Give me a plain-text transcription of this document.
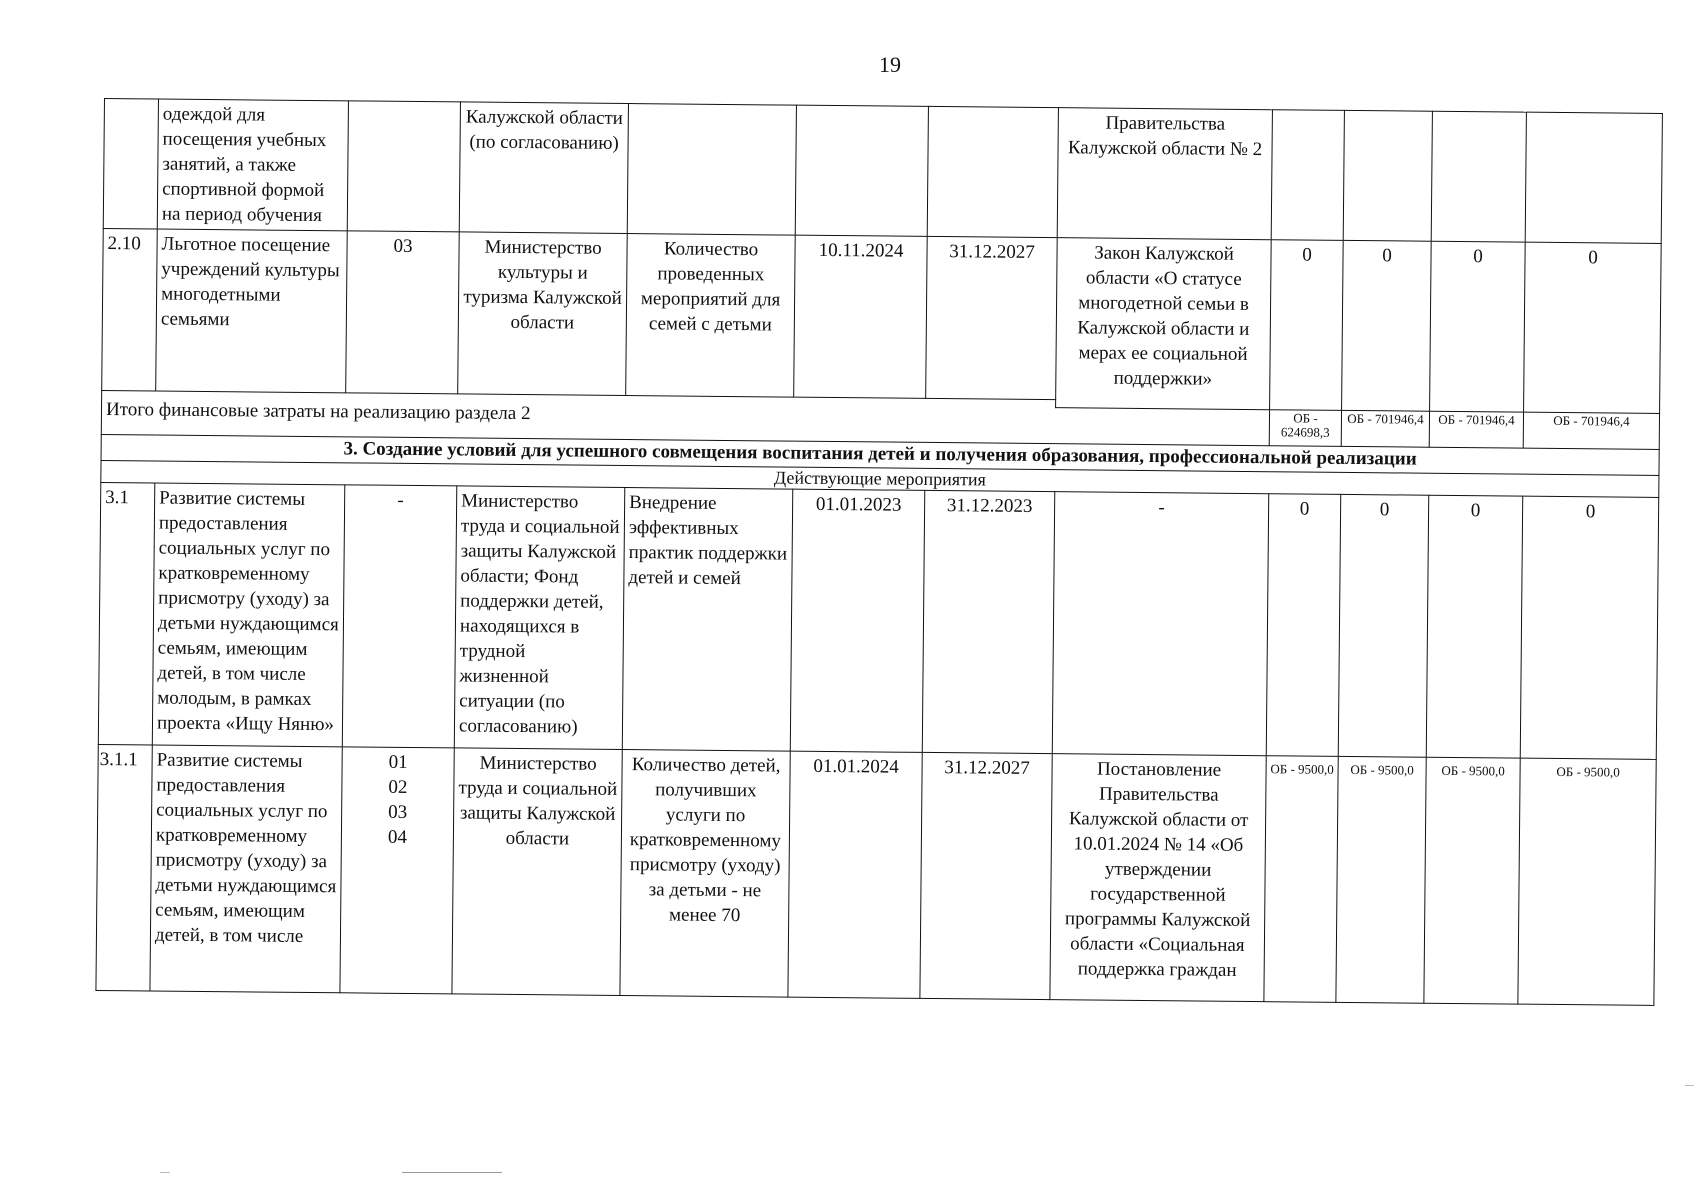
19
	одеждой для посещения учебных занятий, а также спортивной формой на период обучения		Калужской области (по согласованию)				Правительства Калужской области № 2				
2.10	Льготное посещение учреждений культуры многодетными семьями	03	Министерство культуры и туризма Калужской области	Количество проведенных мероприятий для семей с детьми	10.11.2024	31.12.2027	Закон Калужской области «О статусе многодетной семьи в Калужской области и мерах ее социальной поддержки»	0	0	0	0

Итого финансовые затраты на реализацию раздела 2								ОБ - 624698,3	ОБ - 701946,4	ОБ - 701946,4	ОБ - 701946,4
3. Создание условий для успешного совмещения воспитания детей и получения образования, профессиональной реализации											
Действующие мероприятия											
3.1	Развитие системы предоставления социальных услуг по кратковременному присмотру (уходу) за детьми нуждающимся семьям, имеющим детей, в том числе молодым, в рамках проекта «Ищу Няню»	-	Министерство труда и социальной защиты Калужской области; Фонд поддержки детей, находящихся в трудной жизненной ситуации (по согласованию)	Внедрение эффективных практик поддержки детей и семей	01.01.2023	31.12.2023	-	0	0	0	0
3.1.1	Развитие системы предоставления социальных услуг по кратковременному присмотру (уходу) за детьми нуждающимся семьям, имеющим детей, в том числе	01
02
03
04	Министерство труда и социальной защиты Калужской области	Количество детей, получивших услуги по кратковременному присмотру (уходу) за детьми - не менее 70	01.01.2024	31.12.2027	Постановление Правительства Калужской области от 10.01.2024 № 14 «Об утверждении государственной программы Калужской области «Социальная поддержка граждан	ОБ - 9500,0	ОБ - 9500,0	ОБ - 9500,0	ОБ - 9500,0
